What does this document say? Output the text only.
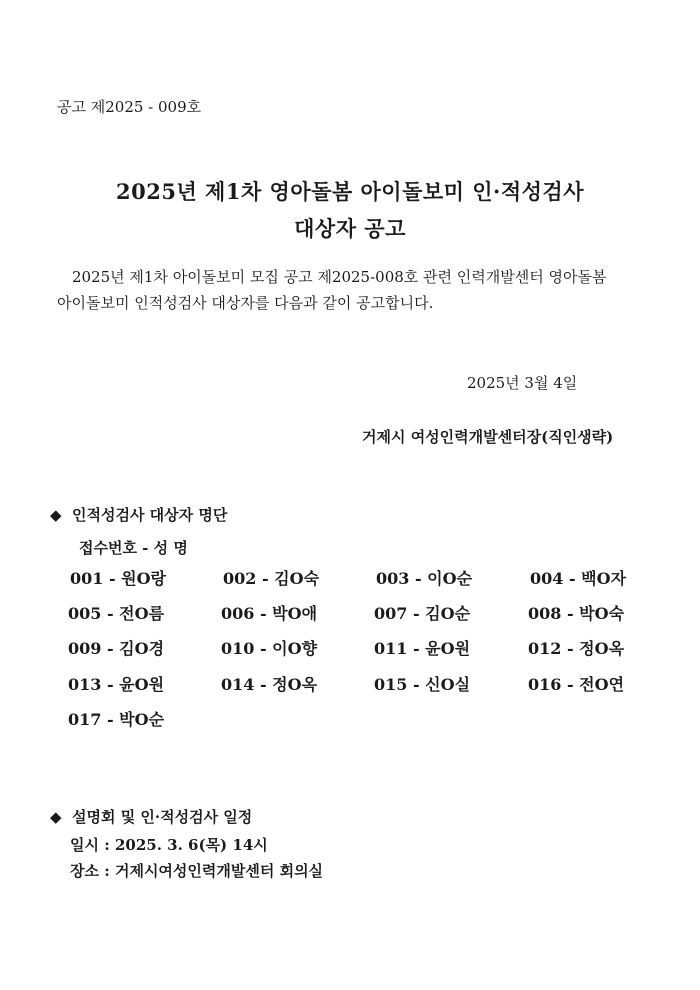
공고 제2025 - 009호
2025년 제1차 영아돌봄 아이돌보미 인·적성검사
대상자 공고
2025년 제1차 아이돌보미 모집 공고 제2025-008호 관련 인력개발센터 영아돌봄
아이돌보미 인적성검사 대상자를 다음과 같이 공고합니다.
2025년 3월 4일
거제시 여성인력개발센터장(직인생략)
◆ 인적성검사 대상자 명단
접수번호 - 성 명
001 - 원O랑	002 - 김O숙	003 - 이O순	004 - 백O자
005 - 전O름	006 - 박O애	007 - 김O순	008 - 박O숙
009 - 김O경	010 - 이O향	011 - 윤O원	012 - 정O옥
013 - 윤O원	014 - 정O옥	015 - 신O실	016 - 전O연
017 - 박O순
◆ 설명회 및 인·적성검사 일정
일시 : 2025. 3. 6(목) 14시
장소 : 거제시여성인력개발센터 회의실
